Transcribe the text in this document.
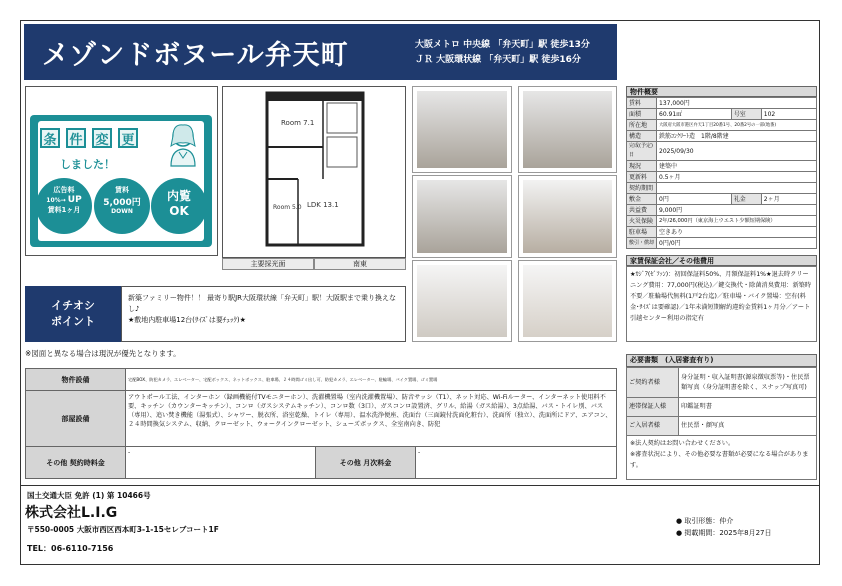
メゾンドボヌール弁天町	大阪メトロ 中央線 「弁天町」駅 徒歩13分
ＪＲ 大阪環状線 「弁天町」駅 徒歩16分
条 件 変 更
しました！
広告料
10%→ UP
賃料1ヶ月
賃料
5,000円
DOWN
内覧
OK
Room 7.1
Room 5.0 LDK 13.1
主要採光面	南東
イチオシ
ポイント
新築ファミリー物件！！ 最寄り駅JR大阪環状線「弁天町」駅！大阪駅まで乗り換えなし♪
★敷地内駐車場12台(ｻｲｽﾞは要ﾁｪｯｸ)★
※図面と異なる場合は現況が優先となります。
物件設備	宅配BOX、防犯カメラ、エレベーター、宅配ボックス、ネットボックス、駐車場、２４時間ゴミ出し可、防犯カメラ、エレベーター、駐輪場、バイク置場、ゴミ置場		
部屋設備	アウトポール工法、インターホン（録画機能付TVモニターホン）、洗濯機置場（室内洗濯機置場）、防音サッシ（T1）、ネット対応、Wi-Fiルーター、インターネット使用料不要、キッチン（カウンターキッチン）、コンロ（ガスシステムキッチン）、コンロ数（3口）、ガスコンロ設置済、グリル、給湯（ガス給湯）、3点給湯、バス・トイレ別、バス（専用）、追い焚き機能（湯張式）、シャワー、脱衣所、浴室乾燥、トイレ（専用）、温水洗浄便座、洗面台（三面鏡付洗面化粧台）、洗面所（独立）、洗面所にドア、エアコン、２４時間換気システム、収納、クローゼット、ウォークインクローゼット、シューズボックス、全室南向き、防犯		
その他 契約時料金	-	その他 月次料金	-
物件概要
賃料	137,000円		
面積	60.91㎡	号室	102
所在地	大阪府大阪市港区弁天1丁目20番1号、20番2号の一部(地番)		
構造	鉄筋ｺﾝｸﾘｰﾄ造　1階/8階建		
完成(予定)日	2025/09/30		
現況	建築中		
更新料	0.5ヶ月		
契約期間			
敷金	0円	礼金	2ヶ月
共益費	9,000円		
火災保険	2年/26,000円（東京海上ウエスト少額短期保険）		
駐車場	空きあり		
敷引・償却	0円/0円		
家賃保証会社／その他費用
★ｶｼﾞｱ(ｾﾞﾌｧﾝ)：初回保証料50%、月額保証料1%★退去時クリーニング費用：77,000円(税込)／鍵交換代・除菌消臭費用：新築時不要／駐輪場代無料(1戸2台迄)／駐車場・バイク置場：空有(料金･ｻｲｽﾞは要確認)／1年未満短期解約違約金賃料1ヶ月分／アート引越センター利用の指定有
必要書類　(入居審査有り)
ご契約者様	身分証明・収入証明書(源泉徴収票等)・住民票　類写真（身分証明書を除く、スナップ写真可)
連帯保証人様	印鑑証明書
ご入居者様	住民票・顔写真
※法人契約はお問い合わせください。
※審査状況により、その他必要な書類が必要になる場合があります。
国土交通大臣 免許 (1) 第 10466号
株式会社L.I.G
〒550-0005 大阪市西区西本町3-1-15セレブコート1F
TEL：06-6110-7156
● 取引形態：仲介
● 掲載期間：2025年8月27日
